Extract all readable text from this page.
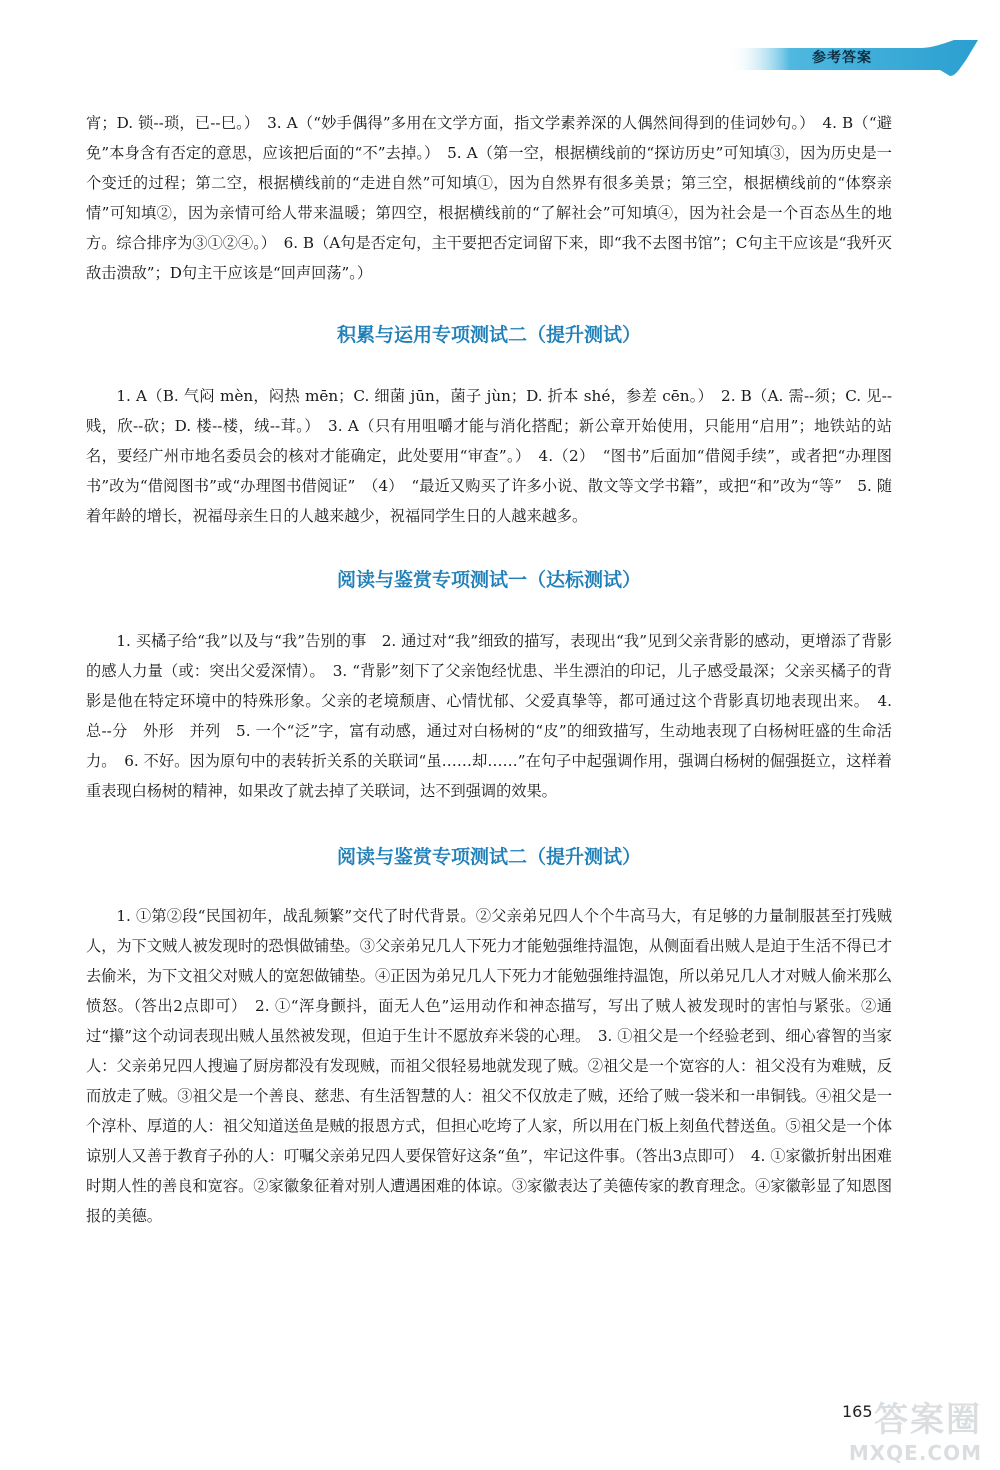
参考答案

宵；D. 锁--琐，已--巳。）　3. A（“妙手偶得”多用在文学方面，指文学素养深的人偶然间得到的佳词妙句。）　4. B（“避免”本身含有否定的意思，应该把后面的“不”去掉。）　5. A（第一空，根据横线前的“探访历史”可知填③，因为历史是一个变迁的过程；第二空，根据横线前的“走进自然”可知填①，因为自然界有很多美景；第三空，根据横线前的“体察亲情”可知填②，因为亲情可给人带来温暖；第四空，根据横线前的“了解社会”可知填④，因为社会是一个百态丛生的地方。综合排序为③①②④。）　6. B（A句是否定句，主干要把否定词留下来，即“我不去图书馆”；C句主干应该是“我歼灭敌击溃敌”；D句主干应该是“回声回荡”。）

积累与运用专项测试二（提升测试）

1. A（B. 气闷 mèn，闷热 mēn；C. 细菌 jūn，菌子 jùn；D. 折本 shé，参差 cēn。）　2. B（A. 需--须；C. 见--贱，欣--砍；D. 楼--楼，绒--茸。）　3. A（只有用咀嚼才能与消化搭配；新公章开始使用，只能用“启用”；地铁站的站名，要经广州市地名委员会的核对才能确定，此处要用“审查”。）　4.（2）　“图书”后面加“借阅手续”，或者把“办理图书”改为“借阅图书”或“办理图书借阅证”　（4）　“最近又购买了许多小说、散文等文学书籍”，或把“和”改为“等”　5. 随着年龄的增长，祝福母亲生日的人越来越少，祝福同学生日的人越来越多。

阅读与鉴赏专项测试一（达标测试）

1. 买橘子给“我”以及与“我”告别的事　2. 通过对“我”细致的描写，表现出“我”见到父亲背影的感动，更增添了背影的感人力量（或：突出父爱深情）。　3. “背影”刻下了父亲饱经忧患、半生漂泊的印记，儿子感受最深；父亲买橘子的背影是他在特定环境中的特殊形象。父亲的老境颓唐、心情忧郁、父爱真挚等，都可通过这个背影真切地表现出来。　4. 总--分　外形　并列　5. 一个“泛”字，富有动感，通过对白杨树的“皮”的细致描写，生动地表现了白杨树旺盛的生命活力。　6. 不好。因为原句中的表转折关系的关联词“虽……却……”在句子中起强调作用，强调白杨树的倔强挺立，这样着重表现白杨树的精神，如果改了就去掉了关联词，达不到强调的效果。

阅读与鉴赏专项测试二（提升测试）

1. ①第②段“民国初年，战乱频繁”交代了时代背景。②父亲弟兄四人个个牛高马大，有足够的力量制服甚至打残贼人，为下文贼人被发现时的恐惧做铺垫。③父亲弟兄几人下死力才能勉强维持温饱，从侧面看出贼人是迫于生活不得已才去偷米，为下文祖父对贼人的宽恕做铺垫。④正因为弟兄几人下死力才能勉强维持温饱，所以弟兄几人才对贼人偷米那么愤怒。（答出2点即可）　2. ①“浑身颤抖，面无人色”运用动作和神态描写，写出了贼人被发现时的害怕与紧张。②通过“攥”这个动词表现出贼人虽然被发现，但迫于生计不愿放弃米袋的心理。　3. ①祖父是一个经验老到、细心睿智的当家人：父亲弟兄四人搜遍了厨房都没有发现贼，而祖父很轻易地就发现了贼。②祖父是一个宽容的人：祖父没有为难贼，反而放走了贼。③祖父是一个善良、慈悲、有生活智慧的人：祖父不仅放走了贼，还给了贼一袋米和一串铜钱。④祖父是一个淳朴、厚道的人：祖父知道送鱼是贼的报恩方式，但担心吃垮了人家，所以用在门板上刻鱼代替送鱼。⑤祖父是一个体谅别人又善于教育子孙的人：叮嘱父亲弟兄四人要保管好这条“鱼”，牢记这件事。（答出3点即可）　4. ①家徽折射出困难时期人性的善良和宽容。②家徽象征着对别人遭遇困难的体谅。③家徽表达了美德传家的教育理念。④家徽彰显了知恩图报的美德。

165 答案圈
MXQE.COM
